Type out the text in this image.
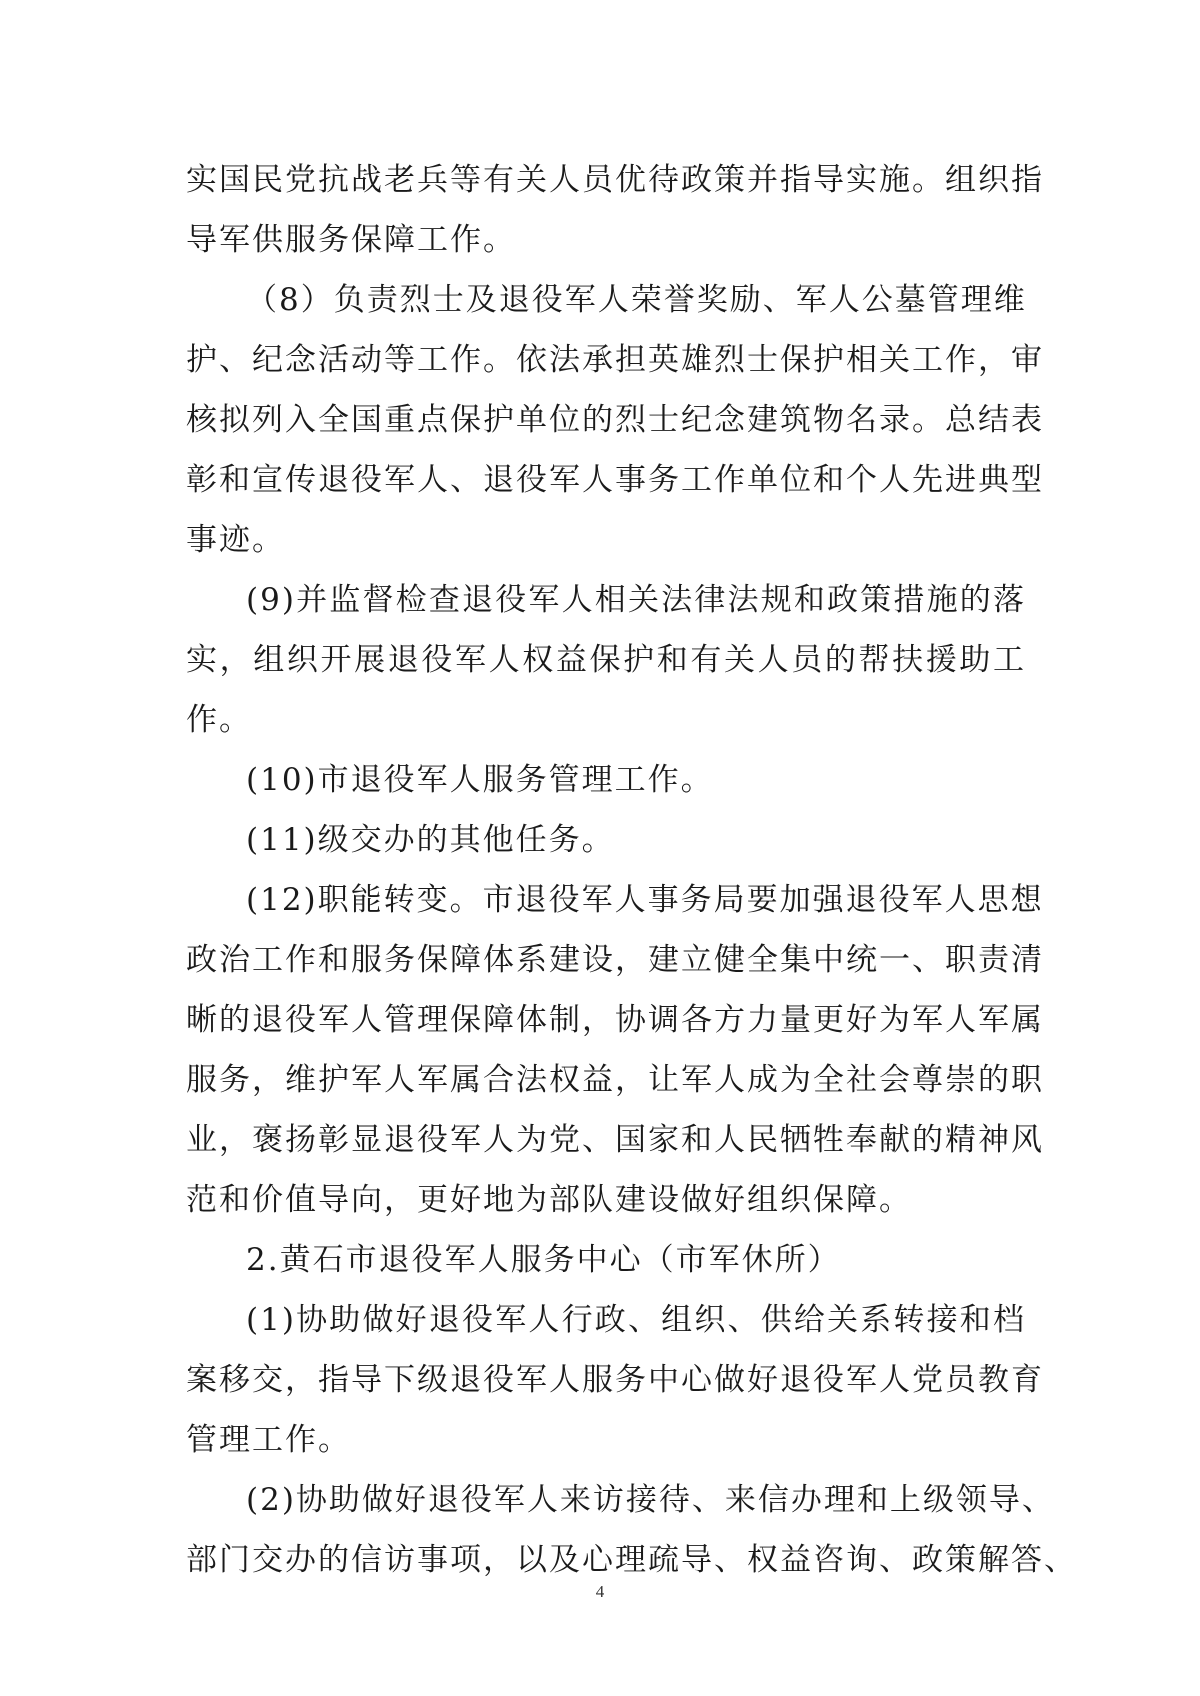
实国民党抗战老兵等有关人员优待政策并指导实施。组织指
导军供服务保障工作。
（8）负责烈士及退役军人荣誉奖励、军人公墓管理维
护、纪念活动等工作。依法承担英雄烈士保护相关工作，审
核拟列入全国重点保护单位的烈士纪念建筑物名录。总结表
彰和宣传退役军人、退役军人事务工作单位和个人先进典型
事迹。
(9)并监督检查退役军人相关法律法规和政策措施的落
实，组织开展退役军人权益保护和有关人员的帮扶援助工
作。
(10)市退役军人服务管理工作。
(11)级交办的其他任务。
(12)职能转变。市退役军人事务局要加强退役军人思想
政治工作和服务保障体系建设，建立健全集中统一、职责清
晰的退役军人管理保障体制，协调各方力量更好为军人军属
服务，维护军人军属合法权益，让军人成为全社会尊崇的职
业，褒扬彰显退役军人为党、国家和人民牺牲奉献的精神风
范和价值导向，更好地为部队建设做好组织保障。
2.黄石市退役军人服务中心（市军休所）
(1)协助做好退役军人行政、组织、供给关系转接和档
案移交，指导下级退役军人服务中心做好退役军人党员教育
管理工作。
(2)协助做好退役军人来访接待、来信办理和上级领导、
部门交办的信访事项，以及心理疏导、权益咨询、政策解答、
4
